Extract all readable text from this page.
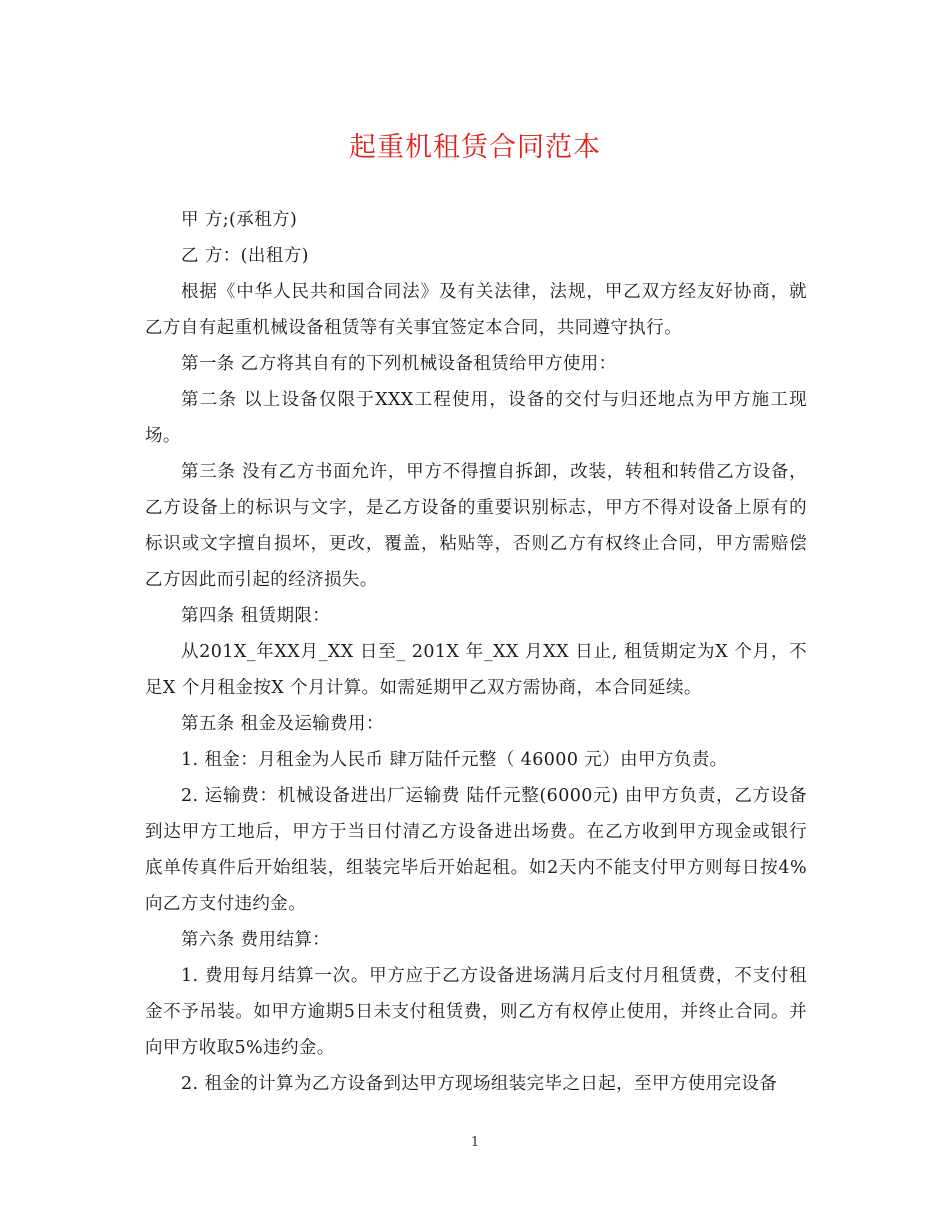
起重机租赁合同范本

甲 方;(承租方)

乙 方：(出租方)

根据《中华人民共和国合同法》及有关法律，法规，甲乙双方经友好协商，就乙方自有起重机械设备租赁等有关事宜签定本合同，共同遵守执行。

第一条 乙方将其自有的下列机械设备租赁给甲方使用：

第二条 以上设备仅限于XXX工程使用，设备的交付与归还地点为甲方施工现场。

第三条 没有乙方书面允许，甲方不得擅自拆卸，改装，转租和转借乙方设备，乙方设备上的标识与文字，是乙方设备的重要识别标志，甲方不得对设备上原有的标识或文字擅自损坏，更改，覆盖，粘贴等，否则乙方有权终止合同，甲方需赔偿乙方因此而引起的经济损失。

第四条 租赁期限：

从201X_年XX月_XX 日至_ 201X 年_XX 月XX 日止, 租赁期定为X 个月，不足X 个月租金按X 个月计算。如需延期甲乙双方需协商，本合同延续。

第五条 租金及运输费用：

1. 租金：月租金为人民币 肆万陆仟元整（ 46000 元）由甲方负责。

2. 运输费：机械设备进出厂运输费 陆仟元整(6000元) 由甲方负责，乙方设备到达甲方工地后，甲方于当日付清乙方设备进出场费。在乙方收到甲方现金或银行底单传真件后开始组装，组装完毕后开始起租。如2天内不能支付甲方则每日按4%向乙方支付违约金。

第六条 费用结算：

1. 费用每月结算一次。甲方应于乙方设备进场满月后支付月租赁费，不支付租金不予吊装。如甲方逾期5日未支付租赁费，则乙方有权停止使用，并终止合同。并向甲方收取5%违约金。

2. 租金的计算为乙方设备到达甲方现场组装完毕之日起，至甲方使用完设备

1
